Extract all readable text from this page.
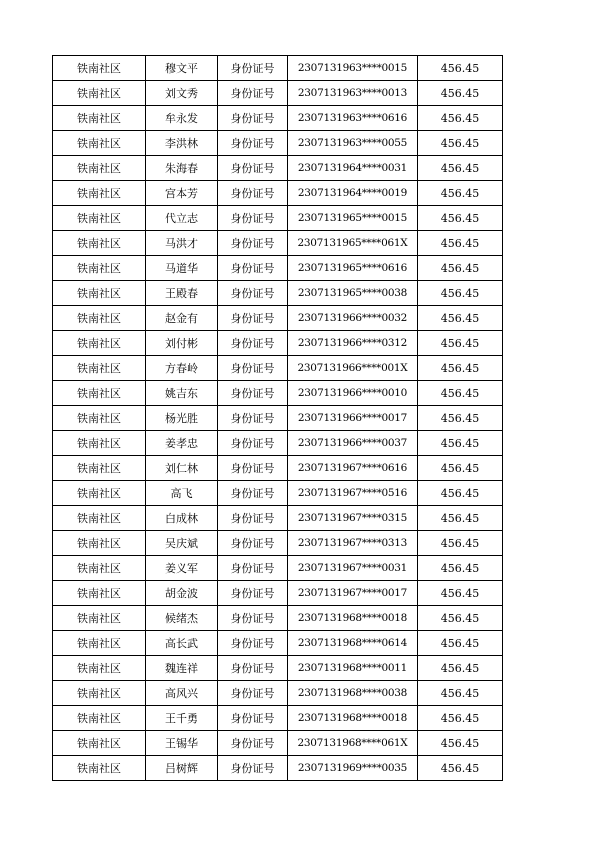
铁南社区	穆文平	身份证号	2307131963****0015	456.45
铁南社区	刘文秀	身份证号	2307131963****0013	456.45
铁南社区	牟永发	身份证号	2307131963****0616	456.45
铁南社区	李洪林	身份证号	2307131963****0055	456.45
铁南社区	朱海春	身份证号	2307131964****0031	456.45
铁南社区	宫本芳	身份证号	2307131964****0019	456.45
铁南社区	代立志	身份证号	2307131965****0015	456.45
铁南社区	马洪才	身份证号	2307131965****061X	456.45
铁南社区	马道华	身份证号	2307131965****0616	456.45
铁南社区	王殿春	身份证号	2307131965****0038	456.45
铁南社区	赵金有	身份证号	2307131966****0032	456.45
铁南社区	刘付彬	身份证号	2307131966****0312	456.45
铁南社区	方春岭	身份证号	2307131966****001X	456.45
铁南社区	姚吉东	身份证号	2307131966****0010	456.45
铁南社区	杨光胜	身份证号	2307131966****0017	456.45
铁南社区	姜孝忠	身份证号	2307131966****0037	456.45
铁南社区	刘仁林	身份证号	2307131967****0616	456.45
铁南社区	高飞	身份证号	2307131967****0516	456.45
铁南社区	白成林	身份证号	2307131967****0315	456.45
铁南社区	吴庆斌	身份证号	2307131967****0313	456.45
铁南社区	姜义军	身份证号	2307131967****0031	456.45
铁南社区	胡金波	身份证号	2307131967****0017	456.45
铁南社区	候绪杰	身份证号	2307131968****0018	456.45
铁南社区	高长武	身份证号	2307131968****0614	456.45
铁南社区	魏连祥	身份证号	2307131968****0011	456.45
铁南社区	高风兴	身份证号	2307131968****0038	456.45
铁南社区	王千勇	身份证号	2307131968****0018	456.45
铁南社区	王锡华	身份证号	2307131968****061X	456.45
铁南社区	吕树辉	身份证号	2307131969****0035	456.45
